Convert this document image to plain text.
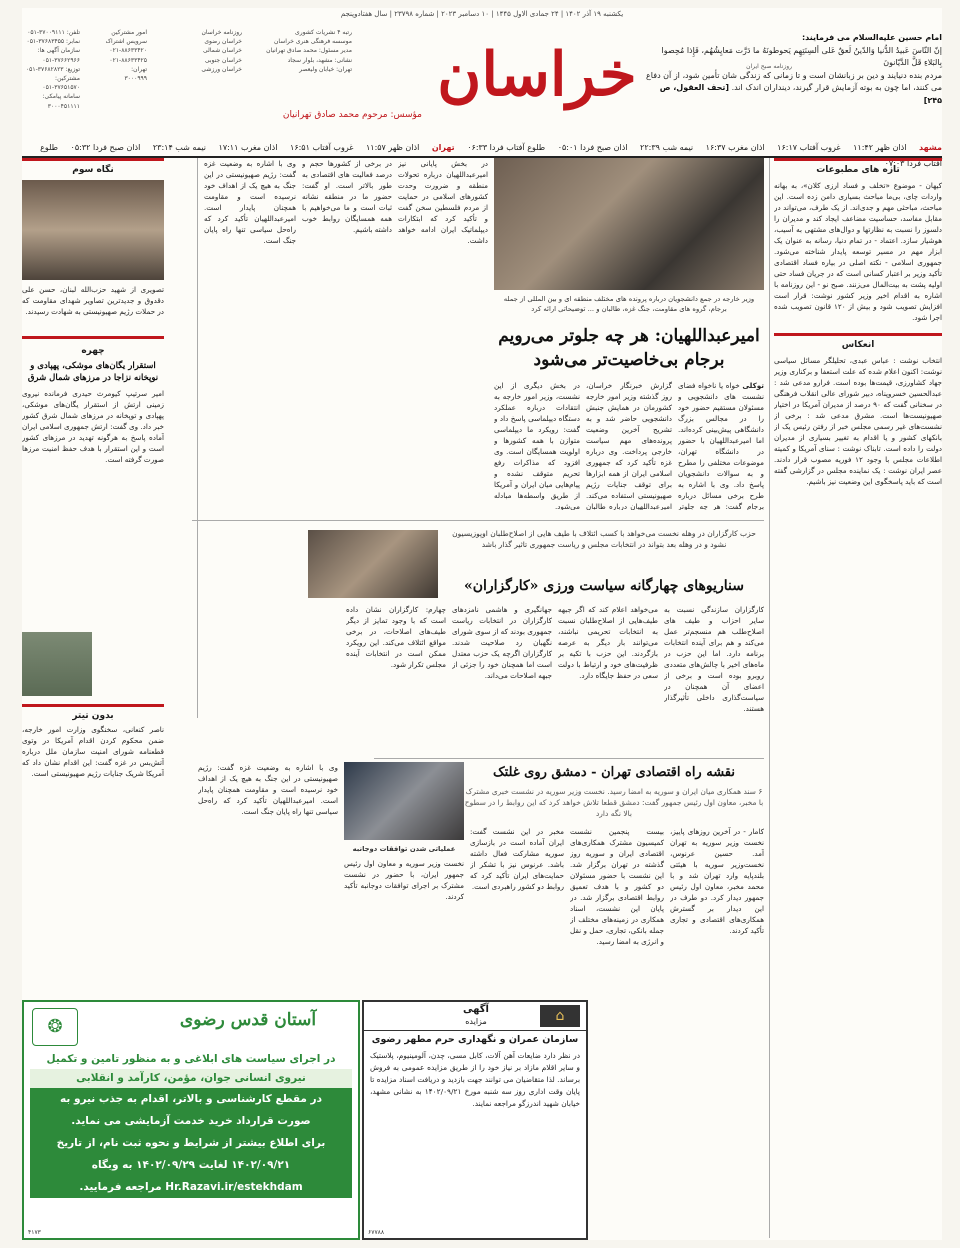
یکشنبه ۱۹ آذر ۱۴۰۲ | ۲۴ جمادی الاول ۱۴۴۵ | ۱۰ دسامبر ۲۰۲۳ | شماره ۲۳۷۹۸ | سال هفتادوپنجم
امام حسین علیه‌السلام می فرمایند:
إنّ النّاسَ عَبيدُ الدُّنيا وَالدّينُ لَعقٌ عَلى ألسِنَتِهِم يَحوطونَهُ ما دَرَّت مَعايِشُهُم، فَإِذا مُحِصوا بِالبَلاءِ قَلَّ الدَّيّانونَ
مردم بنده دنیایند و دین بر زبانشان است و تا زمانی که زندگی شان تأمین شود، از آن دفاع می کنند، اما چون به بوته آزمایش قرار گیرند، دینداران اندک اند. [تحف العقول، ص ۲۴۵]
خراسان
مؤسس: مرحوم محمد صادق تهرانیان
روزنامه صبح ایران
روزنامه خراسان
خراسان رضوی
خراسان شمالی
خراسان جنوبی
خراسان ورزشی
امور مشترکین
سرویس اشتراک
۰۲۱-۸۸۶۳۳۴۲۰
۰۲۱-۸۸۶۳۳۴۲۵
تهران:
۳۰۰۰۹۹۹
تلفن: ۳۷۰۰۹۱۱۱-۰۵۱
نمابر: ۳۷۶۸۳۴۵۵-۰۵۱
سازمان آگهی ها: ۳۷۶۶۲۹۶۶-۰۵۱
توزیع: ۳۷۶۸۲۸۲۳-۰۵۱
مشترکین: ۳۷۶۵۱۵۷۰-۰۵۱
سامانه پیامکی: ۳۰۰۰۴۵۱۱۱۱
رتبه ۴ نشریات کشوری
موسسه فرهنگی هنری خراسان
مدیر مسئول: محمد صادق تهرانیان
نشانی: مشهد، بلوار سجاد
تهران: خیابان ولیعصر
مشهد اذان ظهر ۱۱:۴۲ غروب آفتاب ۱۶:۱۷ اذان مغرب ۱۶:۳۷ نیمه شب ۲۲:۳۹ اذان صبح فردا ۰۵:۰۱ طلوع آفتاب فردا ۰۶:۳۳ تهران اذان ظهر ۱۱:۵۷ غروب آفتاب ۱۶:۵۱ اذان مغرب ۱۷:۱۱ نیمه شب ۲۳:۱۴ اذان صبح فردا ۰۵:۳۲ طلوع آفتاب فردا ۰۷:۰۳
تازه های مطبوعات
کیهان - موضوع «تخلف و فساد ارزی کلان»، به بهانه واردات چای، بی‌ما مباحث بسیاری دامن زده است. این مباحث، مباحثی مهم و جدی‌اند. از یک طرف، می‌تواند در مقابل مفاسد، حساسیت مضاعف ایجاد کند و مدیران را دلسوز را نسبت به نظارتها و دوال‌های مشتهی به آسیب، هوشیار سازد. اعتماد - در تمام دنیا، رسانه به عنوان یک ابزار مهم در مسیر توسعه پایدار شناخته می‌شود. جمهوری اسلامی - نکته اصلی در بیاره فساد اقتصادی تأکید وزیر بر اعتبار کسانی است که در جریان فساد حتی اولیه پشت به بیت‌المال می‌زنند. صبح نو - این روزنامه با اشاره به اقدام اخیر وزیر کشور نوشت: قرار است افزایش تصویب شود و بیش از ۱۲۰ قانون تصویب شده اجرا شود.
انعکاس
انتخاب نوشت : عباس عبدی، تحلیلگر مسائل سیاسی نوشت: اکنون اعلام شده که علت استعفا و برکناری وزیر جهاد کشاورزی، قیمت‌ها بوده است. فرارو مدعی شد : عبدالحسین خسروپناه، دبیر شورای عالی انقلاب فرهنگی در سخنانی گفت که ۹۰ درصد از مدیران آمریکا در اختیار صهیونیست‌ها است. مشرق مدعی شد : برخی از نشست‌های غیر رسمی مجلس خبر از رفتن رئیس یک از بانکهای کشور و یا اقدام به تغییر بسیاری از مدیران دولت را داده است. تابناک نوشت : سنای آمریکا و کمیته اطلاعات مجلس با وجود ۱۲ فوریه مصوب قرار دادند. عصر ایران نوشت : یک نماینده مجلس در گزارشی گفته است که باید پاسخگوی این وضعیت نیز باشیم.
وزیر خارجه در جمع دانشجویان درباره پرونده های مختلف منطقه ای و بین المللی از جمله برجام، گروه های مقاومت، جنگ غزه، طالبان و ... توضیحاتی ارائه کرد
امیرعبداللهیان: هر چه جلوتر می‌رویم برجام بی‌خاصیت‌تر می‌شود
توکلی خواه یا ناخواه فضای نشست های دانشجویی و مسئولان مستقیم حضور خود را در مجالس بزرگ دانشگاهی پیش‌بینی کرده‌اند. اما امیرعبداللهیان با حضور در دانشگاه تهران، موضوعات مختلفی را مطرح و به سوالات دانشجویان پاسخ داد. وی با اشاره به طرح برخی مسائل درباره برجام گفت: هر چه جلوتر
گزارش خبرنگار خراسان، روز گذشته وزیر امور خارجه کشورمان در همایش جنبش دانشجویی حاضر شد و به تشریح آخرین وضعیت پرونده‌های مهم سیاست خارجی پرداخت. وی درباره غزه تأکید کرد که جمهوری اسلامی ایران از همه ابزارها برای توقف جنایات رژیم صهیونیستی استفاده می‌کند. امیرعبداللهیان درباره طالبان
در بخش دیگری از این نشست، وزیر امور خارجه به انتقادات درباره عملکرد دستگاه دیپلماسی پاسخ داد و گفت: رویکرد ما دیپلماسی متوازن با همه کشورها و اولویت همسایگان است. وی افزود که مذاکرات رفع تحریم متوقف نشده و پیام‌هایی میان ایران و آمریکا از طریق واسطه‌ها مبادله می‌شود.
در بخش پایانی نیز امیرعبداللهیان درباره تحولات منطقه و ضرورت وحدت کشورهای اسلامی در حمایت از مردم فلسطین سخن گفت و تأکید کرد که ابتکارات دیپلماتیک ایران ادامه خواهد داشت.
در برخی از کشورها حجم و درصد فعالیت های اقتصادی به طور بالاتر است. او گفت: حضور ما در منطقه نشانه ثبات است و ما می‌خواهیم با همه همسایگان روابط خوب داشته باشیم.
وی با اشاره به وضعیت غزه گفت: رژیم صهیونیستی در این جنگ به هیچ یک از اهداف خود نرسیده است و مقاومت همچنان پایدار است. امیرعبداللهیان تأکید کرد که راه‌حل سیاسی تنها راه پایان جنگ است.
نگاه سوم
تصویری از شهید حزب‌الله لبنان، حسن علی دقدوق و جدیدترین تصاویر شهدای مقاومت که در حملات رژیم صهیونیستی به شهادت رسیدند.
چهره
استقرار یگان‌های موشکی، پهپادی و نوپخانه نزاجا در مرزهای شمال شرق
امیر سرتیپ کیومرث حیدری فرمانده نیروی زمینی ارتش از استقرار یگان‌های موشکی، پهپادی و توپخانه در مرزهای شمال شرق کشور خبر داد. وی گفت: ارتش جمهوری اسلامی ایران آماده پاسخ به هرگونه تهدید در مرزهای کشور است و این استقرار با هدف حفظ امنیت مرزها صورت گرفته است.
بدون تیتر
ناصر کنعانی، سخنگوی وزارت امور خارجه، ضمن محکوم کردن اقدام آمریکا در وتوی قطعنامه شورای امنیت سازمان ملل درباره آتش‌بس در غزه گفت: این اقدام نشان داد که آمریکا شریک جنایات رژیم صهیونیستی است.
حزب کارگزاران در وهله نخست می‌خواهد با کسب ائتلاف با طیف هایی از اصلاح‌طلبان اوپوزیسیون نشود و در وهله بعد بتواند در انتخابات مجلس و ریاست جمهوری تاثیر گذار باشد
سناریوهای چهارگانه سیاست ورزی «کارگزاران»
کارگزاران سازندگی نسبت به سایر احزاب و طیف های اصلاح‌طلب هم منسجم‌تر عمل می‌کند و هم برای آینده انتخابات برنامه دارد. اما این حزب در ماه‌های اخیر با چالش‌های متعددی روبرو بوده است و برخی از اعضای آن همچنان در سیاست‌گذاری داخلی تأثیرگذار هستند.
می‌خواهد اعلام کند که اگر جبهه طیف‌هایی از اصلاح‌طلبان نسبت به انتخابات تحریمی نباشند، می‌توانند بار دیگر به عرصه بازگردند. این حزب با تکیه بر ظرفیت‌های خود و ارتباط با دولت سعی در حفظ جایگاه دارد.
جهانگیری و هاشمی نامزدهای کارگزاران در انتخابات ریاست جمهوری بودند که از سوی شورای نگهبان رد صلاحیت شدند. کارگزاران اگرچه یک حزب معتدل است اما همچنان خود را جزئی از جبهه اصلاحات می‌داند.
چهارم: کارگزاران نشان داده است که با وجود تمایز از دیگر طیف‌های اصلاحات، در برخی مواقع ائتلاف می‌کند. این رویکرد ممکن است در انتخابات آینده مجلس تکرار شود.
نقشه راه اقتصادی تهران - دمشق روی غلتک
۶ سند همکاری میان ایران و سوریه به امضا رسید. نخست وزیر سوریه در نشست خبری مشترک با مخبر، معاون اول رئیس جمهور گفت: دمشق قطعا تلاش خواهد کرد که این روابط را در سطوح بالا نگه دارد
کامار - در آخرین روزهای پاییز، نخست وزیر سوریه به تهران آمد. حسین عرنوس، نخست‌وزیر سوریه با هیئتی بلندپایه وارد تهران شد و با محمد مخبر، معاون اول رئیس جمهور دیدار کرد. دو طرف در این دیدار بر گسترش همکاری‌های اقتصادی و تجاری تأکید کردند.
بیست پنجمین نشست کمیسیون مشترک همکاری‌های اقتصادی ایران و سوریه روز گذشته در تهران برگزار شد. این نشست با حضور مسئولان دو کشور و با هدف تعمیق روابط اقتصادی برگزار شد. در پایان این نشست، اسناد همکاری در زمینه‌های مختلف از جمله بانکی، تجاری، حمل و نقل و انرژی به امضا رسید.
مخبر در این نشست گفت: ایران آماده است در بازسازی سوریه مشارکت فعال داشته باشد. عرنوس نیز با تشکر از حمایت‌های ایران تأکید کرد که روابط دو کشور راهبردی است.
عملیاتی شدن توافقات دوجانبه
نخست وزیر سوریه و معاون اول رئیس جمهور ایران، با حضور در نشست مشترک بر اجرای توافقات دوجانبه تأکید کردند.
وی با اشاره به وضعیت غزه گفت: رژیم صهیونیستی در این جنگ به هیچ یک از اهداف خود نرسیده است و مقاومت همچنان پایدار است. امیرعبداللهیان تأکید کرد که راه‌حل سیاسی تنها راه پایان جنگ است.
آستان قدس رضوی
❂
در اجرای سیاست های ابلاغی و به منظور تامین و تکمیل
نیروی انسانی جوان، مؤمن، کارآمد و انقلابی
در مقطع کارشناسی و بالاتر، اقدام به جذب نیرو به
صورت قرارداد خرید خدمت آزمایشی می نماید.
برای اطلاع بیشتر از شرایط و نحوه ثبت نام، از تاریخ
۱۴۰۲/۰۹/۲۱ لغایت ۱۴۰۲/۰۹/۲۹ به وبگاه
Hr.Razavi.ir/estekhdam مراجعه فرمایید.
۴۱۷۳
⌂
آگهی
مزایده
سازمان عمران و نگهداری حرم مطهر رضوی
در نظر دارد ضایعات آهن آلات، کابل مسی، چدن، آلومینیوم، پلاستیک و سایر اقلام مازاد بر نیاز خود را از طریق مزایده عمومی به فروش برساند. لذا متقاضیان می توانند جهت بازدید و دریافت اسناد مزایده تا پایان وقت اداری روز سه شنبه مورخ ۱۴۰۲/۰۹/۲۱ به نشانی مشهد، خیابان شهید اندرزگو مراجعه نمایند.
۶۷۷۸۸
